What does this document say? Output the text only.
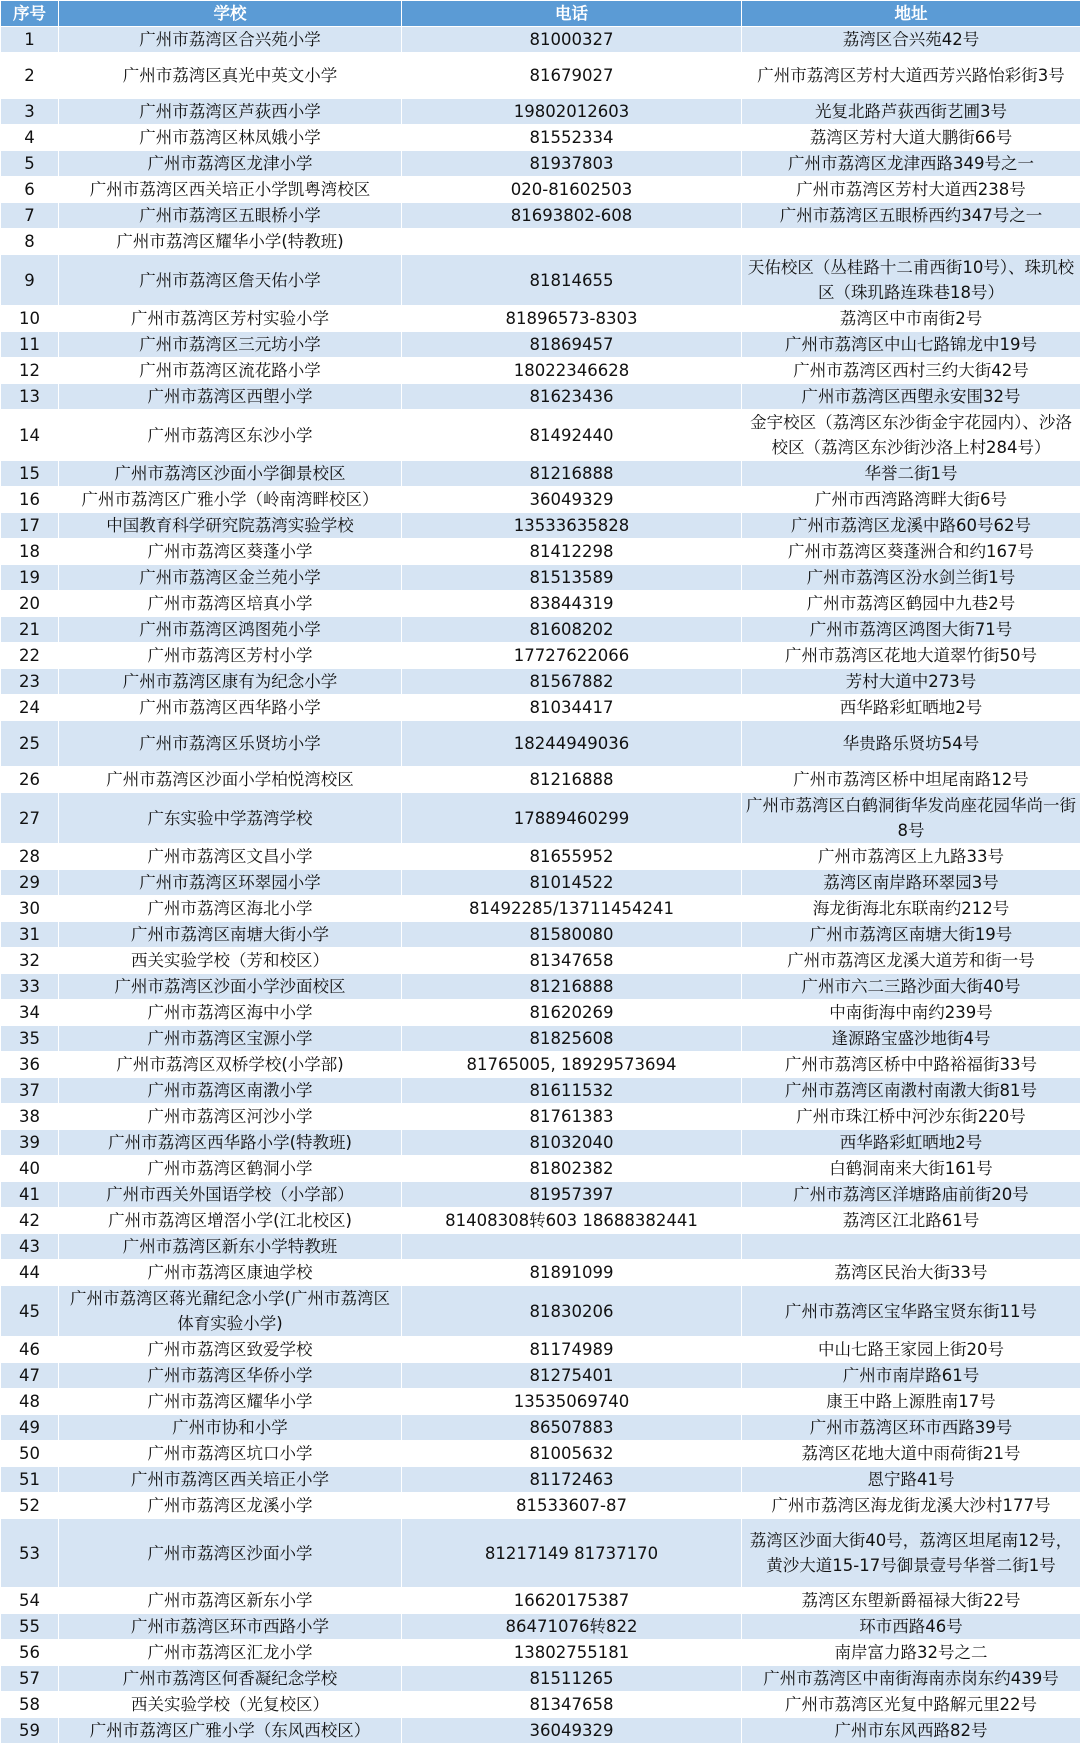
序号	学校	电话	地址
1	广州市荔湾区合兴苑小学	81000327	荔湾区合兴苑42号
2	广州市荔湾区真光中英文小学	81679027	广州市荔湾区芳村大道西芳兴路怡彩街3号
3	广州市荔湾区芦荻西小学	19802012603	光复北路芦荻西街艺圃3号
4	广州市荔湾区林凤娥小学	81552334	荔湾区芳村大道大鹏街66号
5	广州市荔湾区龙津小学	81937803	广州市荔湾区龙津西路349号之一
6	广州市荔湾区西关培正小学凯粤湾校区	020-81602503	广州市荔湾区芳村大道西238号
7	广州市荔湾区五眼桥小学	81693802-608	广州市荔湾区五眼桥西约347号之一
8	广州市荔湾区耀华小学(特教班)		
9	广州市荔湾区詹天佑小学	81814655	天佑校区（丛桂路十二甫西街10号）、珠玑校区（珠玑路连珠巷18号）
10	广州市荔湾区芳村实验小学	81896573-8303	荔湾区中市南街2号
11	广州市荔湾区三元坊小学	81869457	广州市荔湾区中山七路锦龙中19号
12	广州市荔湾区流花路小学	18022346628	广州市荔湾区西村三约大街42号
13	广州市荔湾区西塱小学	81623436	广州市荔湾区西塱永安围32号
14	广州市荔湾区东沙小学	81492440	金宇校区（荔湾区东沙街金宇花园内）、沙洛校区（荔湾区东沙街沙洛上村284号）
15	广州市荔湾区沙面小学御景校区	81216888	华誉二街1号
16	广州市荔湾区广雅小学（岭南湾畔校区）	36049329	广州市西湾路湾畔大街6号
17	中国教育科学研究院荔湾实验学校	13533635828	广州市荔湾区龙溪中路60号62号
18	广州市荔湾区葵蓬小学	81412298	广州市荔湾区葵蓬洲合和约167号
19	广州市荔湾区金兰苑小学	81513589	广州市荔湾区汾水剑兰街1号
20	广州市荔湾区培真小学	83844319	广州市荔湾区鹤园中九巷2号
21	广州市荔湾区鸿图苑小学	81608202	广州市荔湾区鸿图大街71号
22	广州市荔湾区芳村小学	17727622066	广州市荔湾区花地大道翠竹街50号
23	广州市荔湾区康有为纪念小学	81567882	芳村大道中273号
24	广州市荔湾区西华路小学	81034417	西华路彩虹晒地2号
25	广州市荔湾区乐贤坊小学	18244949036	华贵路乐贤坊54号
26	广州市荔湾区沙面小学柏悦湾校区	81216888	广州市荔湾区桥中坦尾南路12号
27	广东实验中学荔湾学校	17889460299	广州市荔湾区白鹤洞街华发尚座花园华尚一街8号
28	广州市荔湾区文昌小学	81655952	广州市荔湾区上九路33号
29	广州市荔湾区环翠园小学	81014522	荔湾区南岸路环翠园3号
30	广州市荔湾区海北小学	81492285/13711454241	海龙街海北东联南约212号
31	广州市荔湾区南塘大街小学	81580080	广州市荔湾区南塘大街19号
32	西关实验学校（芳和校区）	81347658	广州市荔湾区龙溪大道芳和街一号
33	广州市荔湾区沙面小学沙面校区	81216888	广州市六二三路沙面大街40号
34	广州市荔湾区海中小学	81620269	中南街海中南约239号
35	广州市荔湾区宝源小学	81825608	逢源路宝盛沙地街4号
36	广州市荔湾区双桥学校(小学部)	81765005, 18929573694	广州市荔湾区桥中中路裕福街33号
37	广州市荔湾区南漖小学	81611532	广州市荔湾区南漖村南漖大街81号
38	广州市荔湾区河沙小学	81761383	广州市珠江桥中河沙东街220号
39	广州市荔湾区西华路小学(特教班)	81032040	西华路彩虹晒地2号
40	广州市荔湾区鹤洞小学	81802382	白鹤洞南来大街161号
41	广州市西关外国语学校（小学部）	81957397	广州市荔湾区洋塘路庙前街20号
42	广州市荔湾区增滘小学(江北校区)	81408308转603 18688382441	荔湾区江北路61号
43	广州市荔湾区新东小学特教班		
44	广州市荔湾区康迪学校	81891099	荔湾区民治大街33号
45	广州市荔湾区蒋光鼐纪念小学(广州市荔湾区体育实验小学)	81830206	广州市荔湾区宝华路宝贤东街11号
46	广州市荔湾区致爱学校	81174989	中山七路王家园上街20号
47	广州市荔湾区华侨小学	81275401	广州市南岸路61号
48	广州市荔湾区耀华小学	13535069740	康王中路上源胜南17号
49	广州市协和小学	86507883	广州市荔湾区环市西路39号
50	广州市荔湾区坑口小学	81005632	荔湾区花地大道中雨荷街21号
51	广州市荔湾区西关培正小学	81172463	恩宁路41号
52	广州市荔湾区龙溪小学	81533607-87	广州市荔湾区海龙街龙溪大沙村177号
53	广州市荔湾区沙面小学	81217149 81737170	荔湾区沙面大街40号，荔湾区坦尾南12号，黄沙大道15-17号御景壹号华誉二街1号
54	广州市荔湾区新东小学	16620175387	荔湾区东塱新爵福禄大街22号
55	广州市荔湾区环市西路小学	86471076转822	环市西路46号
56	广州市荔湾区汇龙小学	13802755181	南岸富力路32号之二
57	广州市荔湾区何香凝纪念学校	81511265	广州市荔湾区中南街海南赤岗东约439号
58	西关实验学校（光复校区）	81347658	广州市荔湾区光复中路解元里22号
59	广州市荔湾区广雅小学（东风西校区）	36049329	广州市东风西路82号
